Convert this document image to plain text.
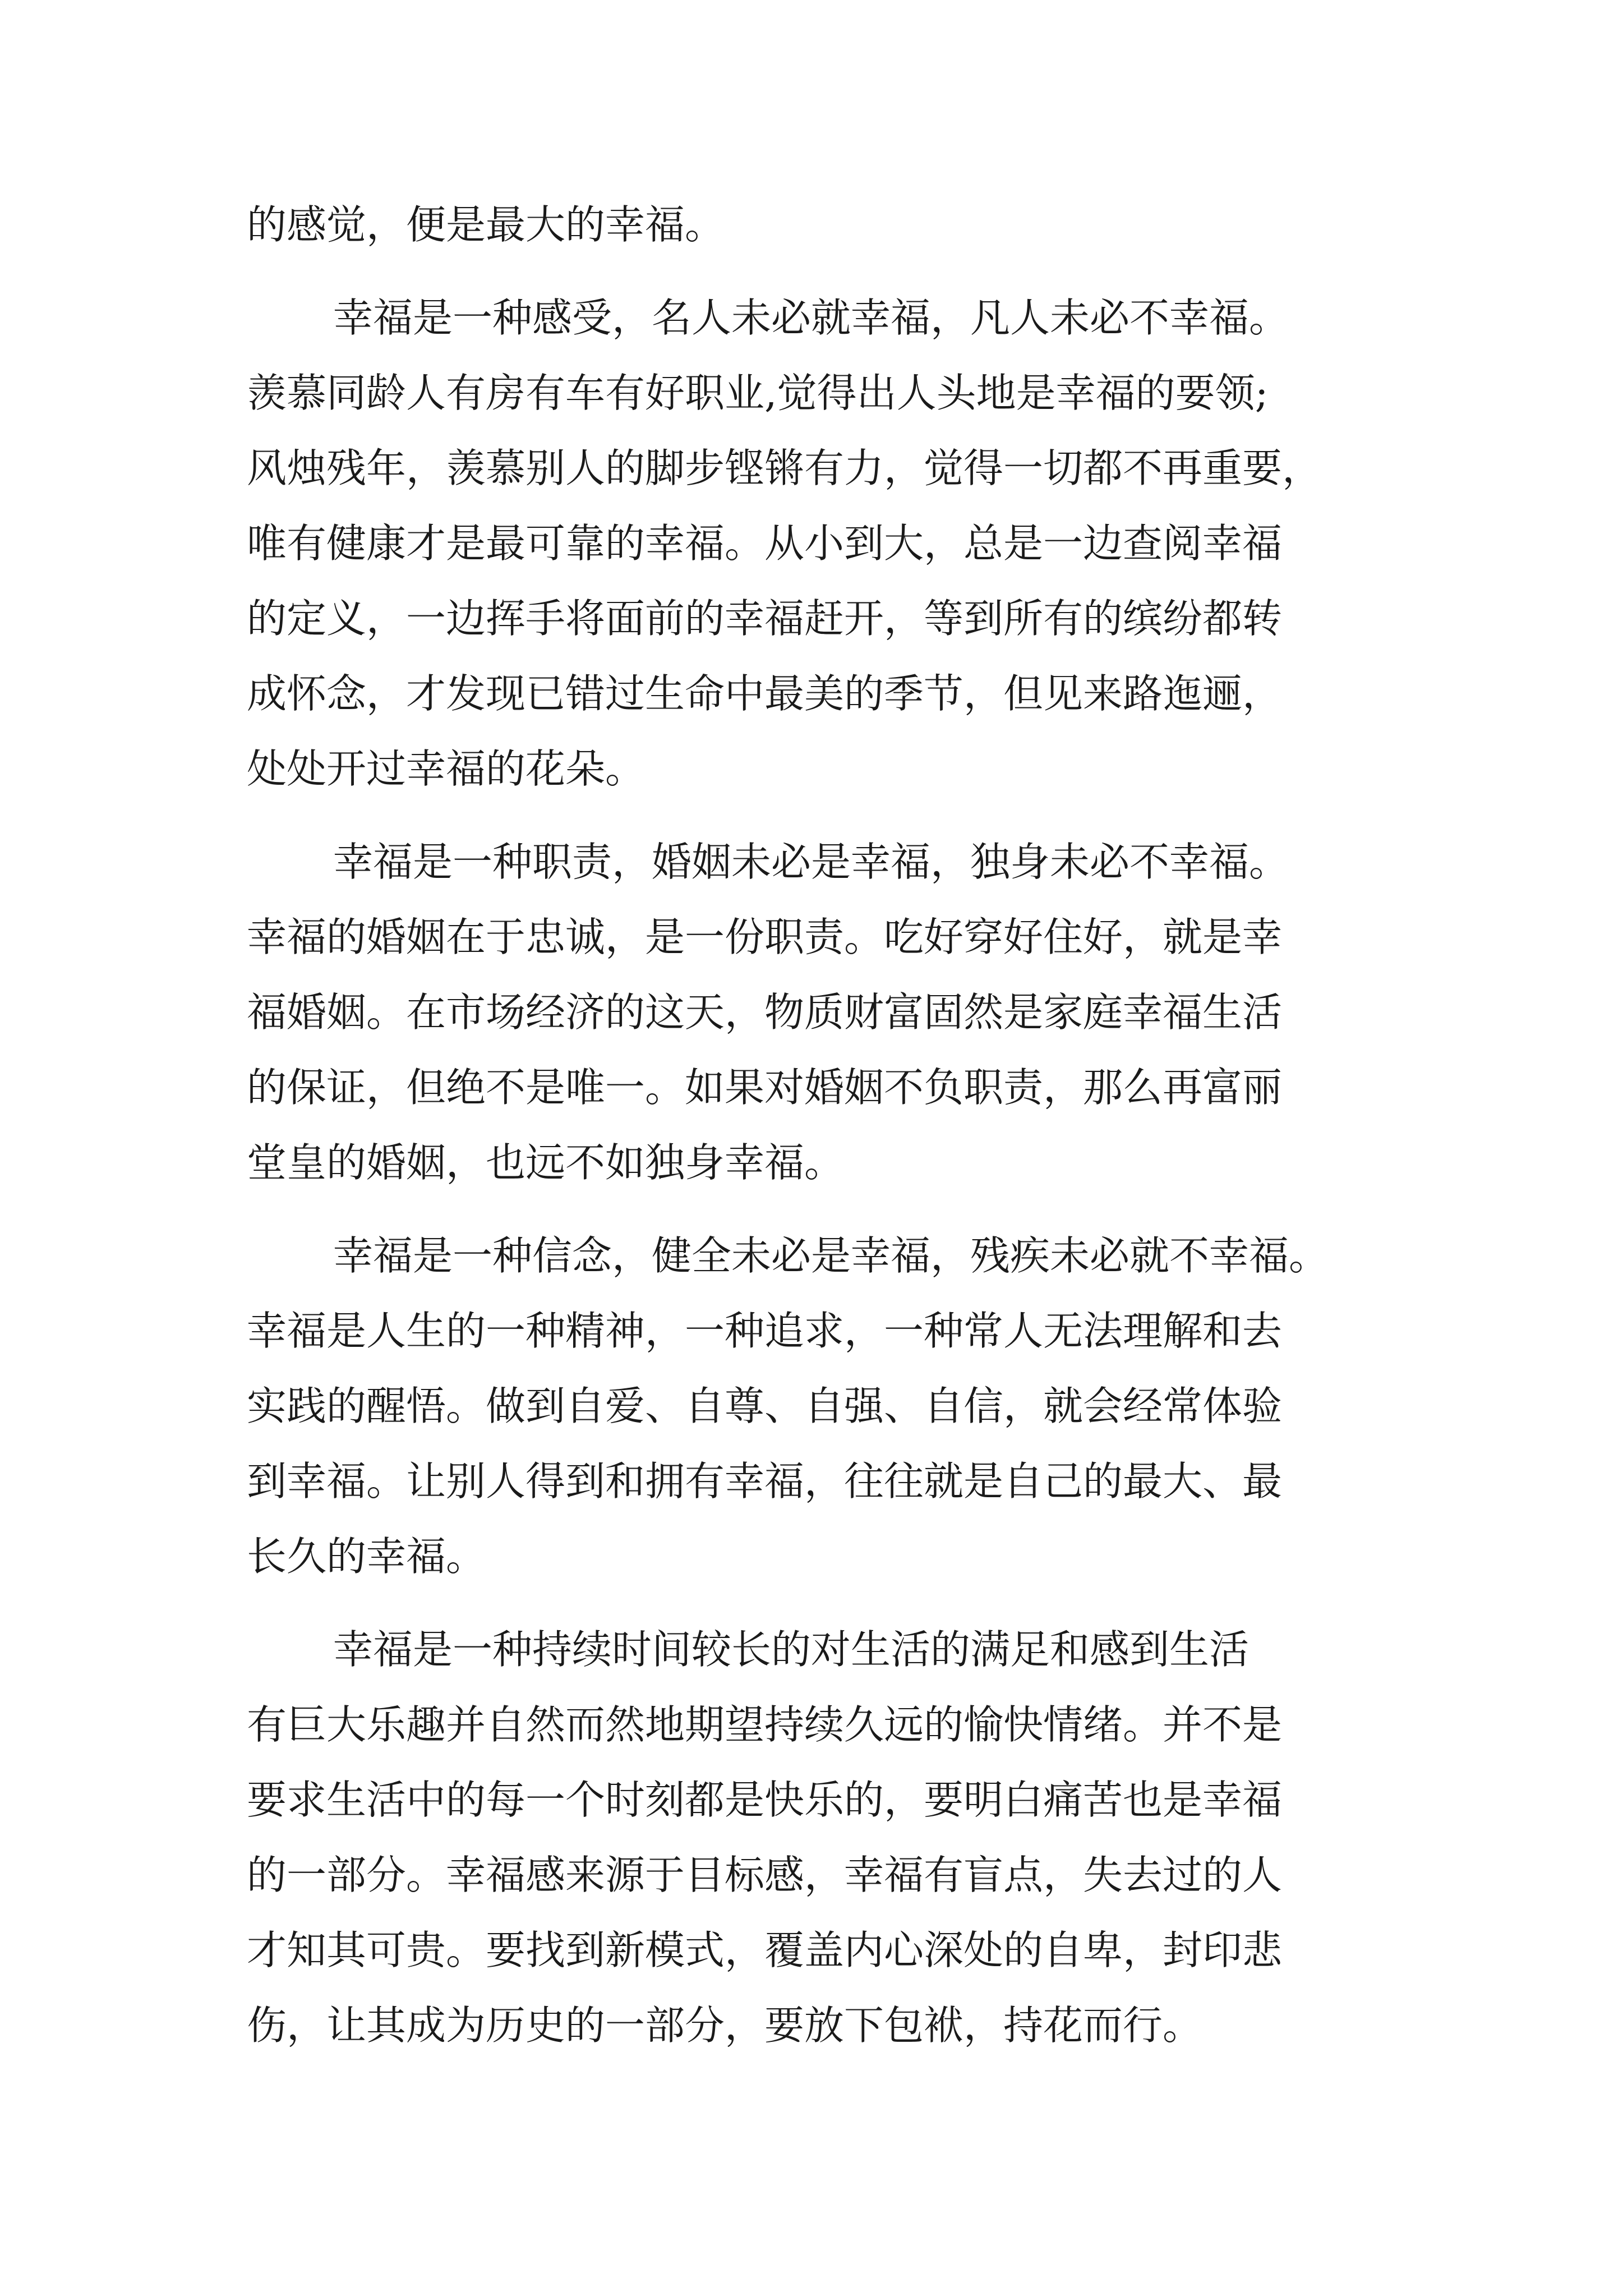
的感觉，便是最大的幸福。
幸福是一种感受，名人未必就幸福，凡人未必不幸福。
羡慕同龄人有房有车有好职业,觉得出人头地是幸福的要领;
风烛残年，羡慕别人的脚步铿锵有力，觉得一切都不再重要，
唯有健康才是最可靠的幸福。从小到大，总是一边查阅幸福
的定义，一边挥手将面前的幸福赶开，等到所有的缤纷都转
成怀念，才发现已错过生命中最美的季节，但见来路迤逦，
处处开过幸福的花朵。
幸福是一种职责，婚姻未必是幸福，独身未必不幸福。
幸福的婚姻在于忠诚，是一份职责。吃好穿好住好，就是幸
福婚姻。在市场经济的这天，物质财富固然是家庭幸福生活
的保证，但绝不是唯一。如果对婚姻不负职责，那么再富丽
堂皇的婚姻，也远不如独身幸福。
幸福是一种信念，健全未必是幸福，残疾未必就不幸福。
幸福是人生的一种精神，一种追求，一种常人无法理解和去
实践的醒悟。做到自爱、自尊、自强、自信，就会经常体验
到幸福。让别人得到和拥有幸福，往往就是自己的最大、最
长久的幸福。
幸福是一种持续时间较长的对生活的满足和感到生活
有巨大乐趣并自然而然地期望持续久远的愉快情绪。并不是
要求生活中的每一个时刻都是快乐的，要明白痛苦也是幸福
的一部分。幸福感来源于目标感，幸福有盲点，失去过的人
才知其可贵。要找到新模式，覆盖内心深处的自卑，封印悲
伤，让其成为历史的一部分，要放下包袱，持花而行。
